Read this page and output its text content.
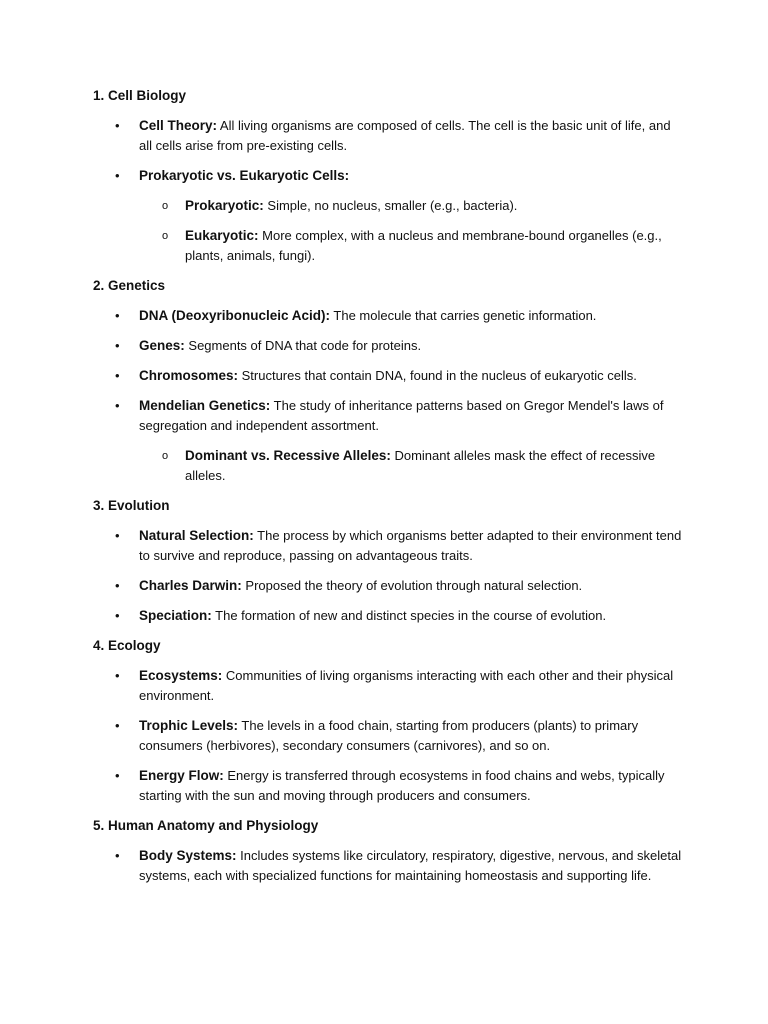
1. Cell Biology
• Cell Theory: All living organisms are composed of cells. The cell is the basic unit of life, and all cells arise from pre-existing cells.
• Prokaryotic vs. Eukaryotic Cells:
o Prokaryotic: Simple, no nucleus, smaller (e.g., bacteria).
o Eukaryotic: More complex, with a nucleus and membrane-bound organelles (e.g., plants, animals, fungi).
2. Genetics
• DNA (Deoxyribonucleic Acid): The molecule that carries genetic information.
• Genes: Segments of DNA that code for proteins.
• Chromosomes: Structures that contain DNA, found in the nucleus of eukaryotic cells.
• Mendelian Genetics: The study of inheritance patterns based on Gregor Mendel's laws of segregation and independent assortment.
o Dominant vs. Recessive Alleles: Dominant alleles mask the effect of recessive alleles.
3. Evolution
• Natural Selection: The process by which organisms better adapted to their environment tend to survive and reproduce, passing on advantageous traits.
• Charles Darwin: Proposed the theory of evolution through natural selection.
• Speciation: The formation of new and distinct species in the course of evolution.
4. Ecology
• Ecosystems: Communities of living organisms interacting with each other and their physical environment.
• Trophic Levels: The levels in a food chain, starting from producers (plants) to primary consumers (herbivores), secondary consumers (carnivores), and so on.
• Energy Flow: Energy is transferred through ecosystems in food chains and webs, typically starting with the sun and moving through producers and consumers.
5. Human Anatomy and Physiology
• Body Systems: Includes systems like circulatory, respiratory, digestive, nervous, and skeletal systems, each with specialized functions for maintaining homeostasis and supporting life.
